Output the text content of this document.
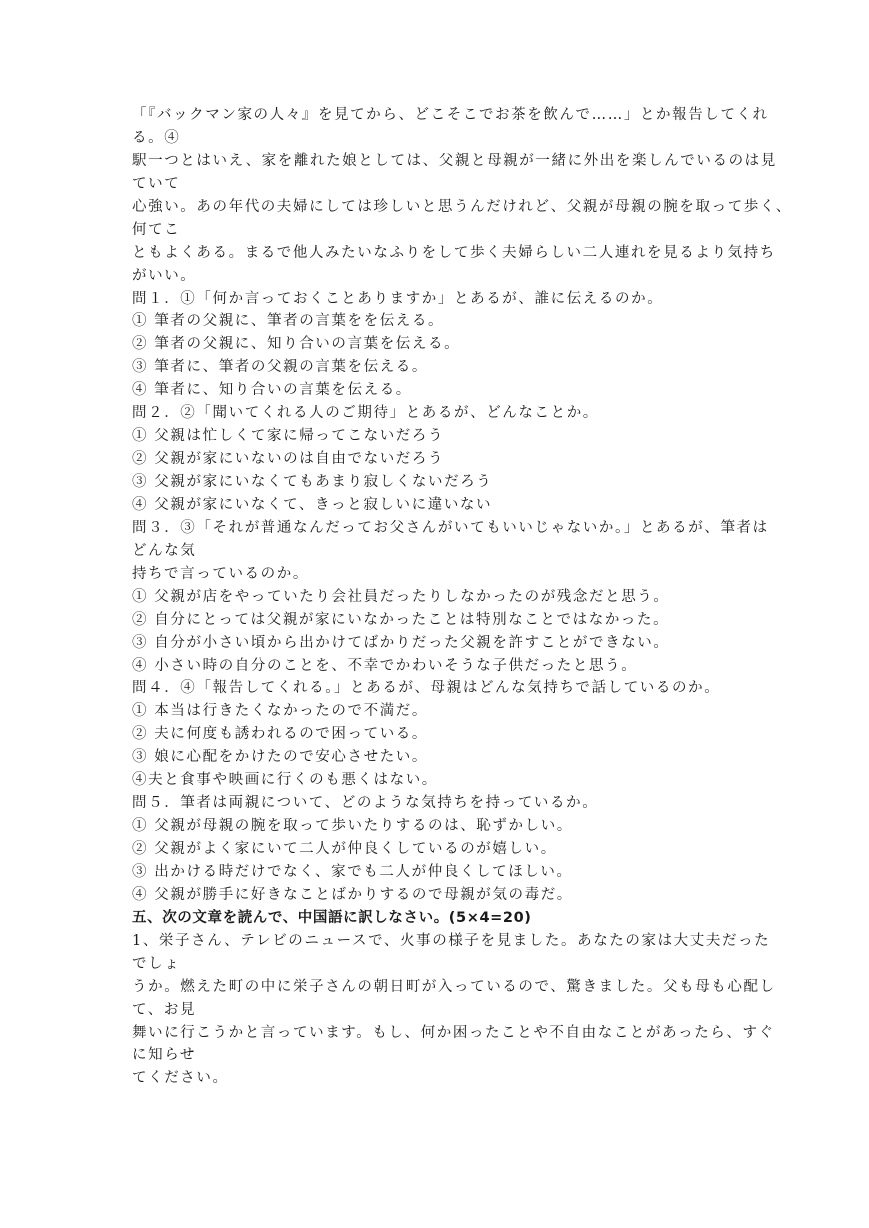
「『バックマン家の人々』を見てから、どこそこでお茶を飲んで……」とか報告してくれ
る。④
駅一つとはいえ、家を離れた娘としては、父親と母親が一緒に外出を楽しんでいるのは見
ていて
心強い。あの年代の夫婦にしては珍しいと思うんだけれど、父親が母親の腕を取って歩く、
何てこ
ともよくある。まるで他人みたいなふりをして歩く夫婦らしい二人連れを見るより気持ち
がいい。
問１．①「何か言っておくことありますか」とあるが、誰に伝えるのか。
① 筆者の父親に、筆者の言葉をを伝える。
② 筆者の父親に、知り合いの言葉を伝える。
③ 筆者に、筆者の父親の言葉を伝える。
④ 筆者に、知り合いの言葉を伝える。
問２．②「聞いてくれる人のご期待」とあるが、どんなことか。
① 父親は忙しくて家に帰ってこないだろう
② 父親が家にいないのは自由でないだろう
③ 父親が家にいなくてもあまり寂しくないだろう
④ 父親が家にいなくて、きっと寂しいに違いない
問３．③「それが普通なんだってお父さんがいてもいいじゃないか。」とあるが、筆者は
どんな気
持ちで言っているのか。
① 父親が店をやっていたり会社員だったりしなかったのが残念だと思う。
② 自分にとっては父親が家にいなかったことは特別なことではなかった。
③ 自分が小さい頃から出かけてばかりだった父親を許すことができない。
④ 小さい時の自分のことを、不幸でかわいそうな子供だったと思う。
問４．④「報告してくれる。」とあるが、母親はどんな気持ちで話しているのか。
① 本当は行きたくなかったので不満だ。
② 夫に何度も誘われるので困っている。
③ 娘に心配をかけたので安心させたい。
④夫と食事や映画に行くのも悪くはない。
問５．筆者は両親について、どのような気持ちを持っているか。
① 父親が母親の腕を取って歩いたりするのは、恥ずかしい。
② 父親がよく家にいて二人が仲良くしているのが嬉しい。
③ 出かける時だけでなく、家でも二人が仲良くしてほしい。
④ 父親が勝手に好きなことばかりするので母親が気の毒だ。
五、次の文章を読んで、中国語に訳しなさい。(5×4=20)
1、栄子さん、テレビのニュースで、火事の様子を見ました。あなたの家は大丈夫だった
でしょ
うか。燃えた町の中に栄子さんの朝日町が入っているので、驚きました。父も母も心配し
て、お見
舞いに行こうかと言っています。もし、何か困ったことや不自由なことがあったら、すぐ
に知らせ
てください。
